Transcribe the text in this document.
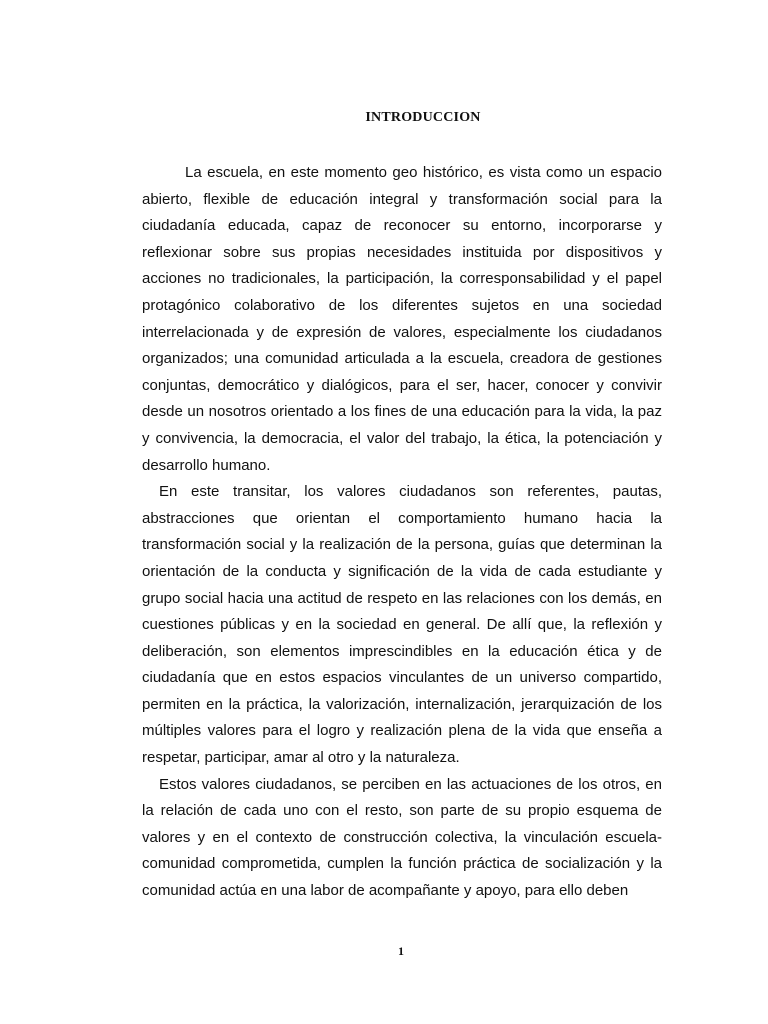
INTRODUCCION

La escuela, en este momento geo histórico, es vista como un espacio abierto, flexible de educación integral y transformación social para la ciudadanía educada, capaz de reconocer su entorno, incorporarse y reflexionar sobre sus propias necesidades instituida por dispositivos y acciones no tradicionales, la participación, la corresponsabilidad y el papel protagónico colaborativo de los diferentes sujetos en una sociedad interrelacionada y de expresión de valores, especialmente los ciudadanos organizados; una comunidad articulada a la escuela, creadora de gestiones conjuntas, democrático y dialógicos, para el ser, hacer, conocer y convivir desde un nosotros orientado a los fines de una educación para la vida, la paz y convivencia, la democracia, el valor del trabajo, la ética, la potenciación y desarrollo humano.

En este transitar, los valores ciudadanos son referentes, pautas, abstracciones que orientan el comportamiento humano hacia la transformación social y la realización de la persona, guías que determinan la orientación de la conducta y significación de la vida de cada estudiante y grupo social hacia una actitud de respeto en las relaciones con los demás, en cuestiones públicas y en la sociedad en general. De allí que, la reflexión y deliberación, son elementos imprescindibles en la educación ética y de ciudadanía que en estos espacios vinculantes de un universo compartido, permiten en la práctica, la valorización, internalización, jerarquización de los múltiples valores para el logro y realización plena de la vida que enseña a respetar, participar, amar al otro y la naturaleza.

Estos valores ciudadanos, se perciben en las actuaciones de los otros, en la relación de cada uno con el resto, son parte de su propio esquema de valores y en el contexto de construcción colectiva, la vinculación escuela-comunidad comprometida, cumplen la función práctica de socialización y la comunidad actúa en una labor de acompañante y apoyo, para ello deben

1
